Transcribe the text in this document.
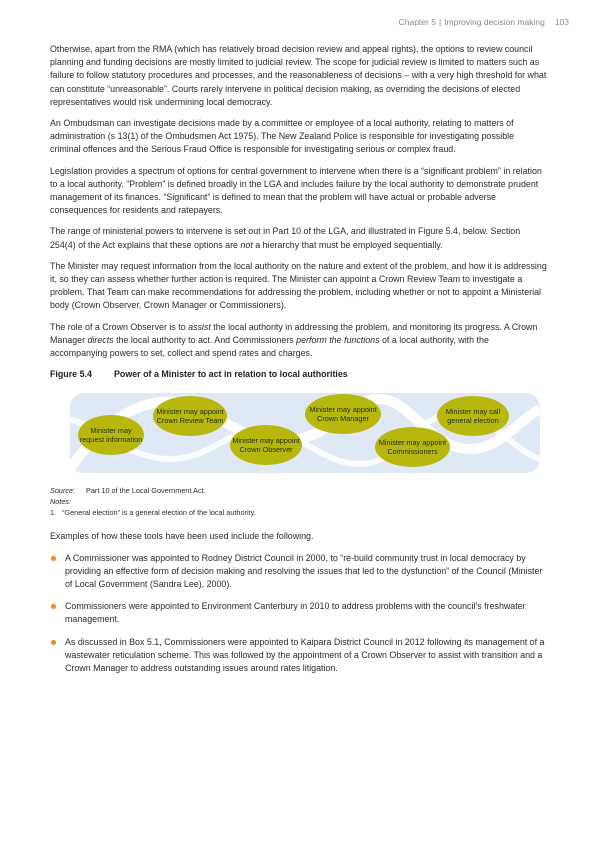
Chapter 5 | Improving decision making 103

Otherwise, apart from the RMA (which has relatively broad decision review and appeal rights), the options to review council planning and funding decisions are mostly limited to judicial review. The scope for judicial review is limited to matters such as failure to follow statutory procedures and processes, and the reasonableness of decisions – with a very high threshold for what can constitute “unreasonable”. Courts rarely intervene in political decision making, as overriding the decisions of elected representatives would risk undermining local democracy.

An Ombudsman can investigate decisions made by a committee or employee of a local authority, relating to matters of administration (s 13(1) of the Ombudsmen Act 1975). The New Zealand Police is responsible for investigating possible criminal offences and the Serious Fraud Office is responsible for investigating serious or complex fraud.

Legislation provides a spectrum of options for central government to intervene when there is a “significant problem” in relation to a local authority. “Problem” is defined broadly in the LGA and includes failure by the local authority to demonstrate prudent management of its finances. “Significant” is defined to mean that the problem will have actual or probable adverse consequences for residents and ratepayers.

The range of ministerial powers to intervene is set out in Part 10 of the LGA, and illustrated in Figure 5.4, below. Section 254(4) of the Act explains that these options are not a hierarchy that must be employed sequentially.

The Minister may request information from the local authority on the nature and extent of the problem, and how it is addressing it, so they can assess whether further action is required. The Minister can appoint a Crown Review Team to investigate a problem. That Team can make recommendations for addressing the problem, including whether or not to appoint a Ministerial body (Crown Observer, Crown Manager or Commissioners).

The role of a Crown Observer is to assist the local authority in addressing the problem, and monitoring its progress. A Crown Manager directs the local authority to act. And Commissioners perform the functions of a local authority, with the accompanying powers to set, collect and spend rates and charges.

Figure 5.4 Power of a Minister to act in relation to local authorities
Minister may request information
Minister may appoint Crown Review Team
Minister may appoint Crown Observer
Minister may appoint Crown Manager
Minister may appoint Commissioners
Minister may call general election
Source: Part 10 of the Local Government Act.
Notes:
1. “General election” is a general election of the local authority.

Examples of how these tools have been used include the following.

A Commissioner was appointed to Rodney District Council in 2000, to “re-build community trust in local democracy by providing an effective form of decision making and resolving the issues that led to the dysfunction” of the Council (Minister of Local Government (Sandra Lee), 2000).
Commissioners were appointed to Environment Canterbury in 2010 to address problems with the council’s freshwater management.
As discussed in Box 5.1, Commissioners were appointed to Kaipara District Council in 2012 following its management of a wastewater reticulation scheme. This was followed by the appointment of a Crown Observer to assist with transition and a Crown Manager to address outstanding issues around rates litigation.
